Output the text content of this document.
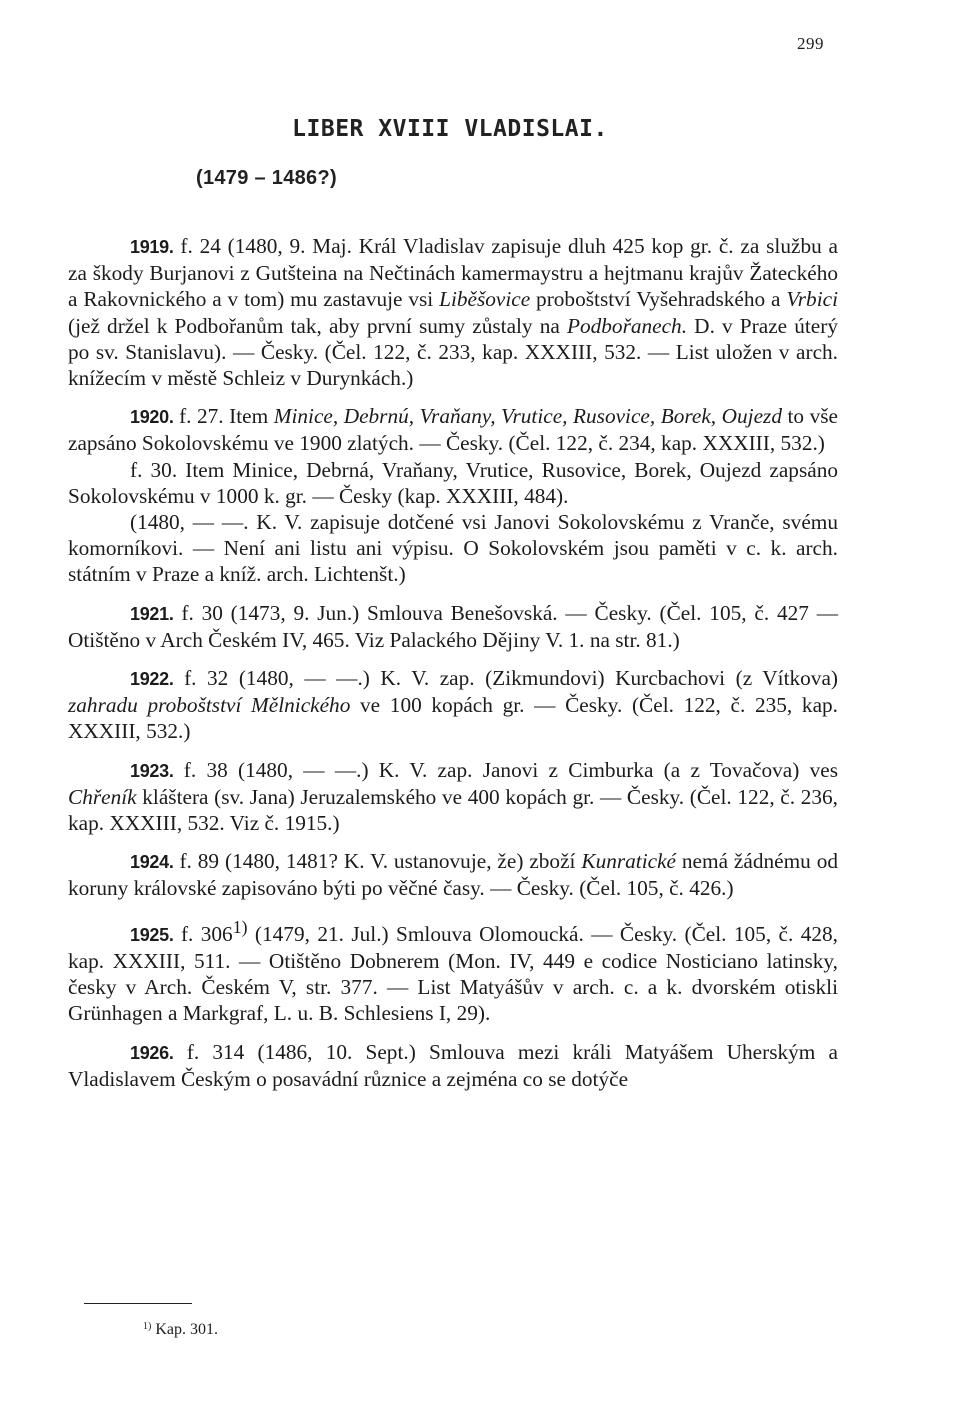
299
LIBER XVIII VLADISLAI.
(1479 – 1486?)

1919. f. 24 (1480, 9. Maj. Král Vladislav zapisuje dluh 425 kop gr. č. za službu a za škody Burjanovi z Gutšteina na Nečtinách kamermaystru a hejtmanu krajův Žateckého a Rakovnického a v tom) mu zastavuje vsi Liběšovice proboštství Vyšehradského a Vrbici (jež držel k Podbořanům tak, aby první sumy zůstaly na Podbořanech. D. v Praze úterý po sv. Stanislavu). — Česky. (Čel. 122, č. 233, kap. XXXIII, 532. — List uložen v arch. knížecím v městě Schleiz v Durynkách.)

1920. f. 27. Item Minice, Debrnú, Vraňany, Vrutice, Rusovice, Borek, Oujezd to vše zapsáno Sokolovskému ve 1900 zlatých. — Česky. (Čel. 122, č. 234, kap. XXXIII, 532.)

f. 30. Item Minice, Debrná, Vraňany, Vrutice, Rusovice, Borek, Oujezd zapsáno Sokolovskému v 1000 k. gr. — Česky (kap. XXXIII, 484).

(1480, — —. K. V. zapisuje dotčené vsi Janovi Sokolovskému z Vranče, svému komorníkovi. — Není ani listu ani výpisu. O Sokolovském jsou paměti v c. k. arch. státním v Praze a kníž. arch. Lichtenšt.)

1921. f. 30 (1473, 9. Jun.) Smlouva Benešovská. — Česky. (Čel. 105, č. 427 — Otištěno v Arch Českém IV, 465. Viz Palackého Dějiny V. 1. na str. 81.)

1922. f. 32 (1480, — —.) K. V. zap. (Zikmundovi) Kurcbachovi (z Vítkova) zahradu proboštství Mělnického ve 100 kopách gr. — Česky. (Čel. 122, č. 235, kap. XXXIII, 532.)

1923. f. 38 (1480, — —.) K. V. zap. Janovi z Cimburka (a z Tovačova) ves Chřeník kláštera (sv. Jana) Jeruzalemského ve 400 kopách gr. — Česky. (Čel. 122, č. 236, kap. XXXIII, 532. Viz č. 1915.)

1924. f. 89 (1480, 1481? K. V. ustanovuje, že) zboží Kunratické nemá žádnému od koruny královské zapisováno býti po věčné časy. — Česky. (Čel. 105, č. 426.)

1925. f. 306$^{1)}$ (1479, 21. Jul.) Smlouva Olomoucká. — Česky. (Čel. 105, č. 428, kap. XXXIII, 511. — Otištěno Dobnerem (Mon. IV, 449 e codice Nosticiano latinsky, česky v Arch. Českém V, str. 377. — List Matyášův v arch. c. a k. dvorském otiskli Grünhagen a Markgraf, L. u. B. Schlesiens I, 29).

1926. f. 314 (1486, 10. Sept.) Smlouva mezi králi Matyášem Uherským a Vladislavem Českým o posavádní různice a zejména co se dotýče

$^{1)}$ Kap. 301.
